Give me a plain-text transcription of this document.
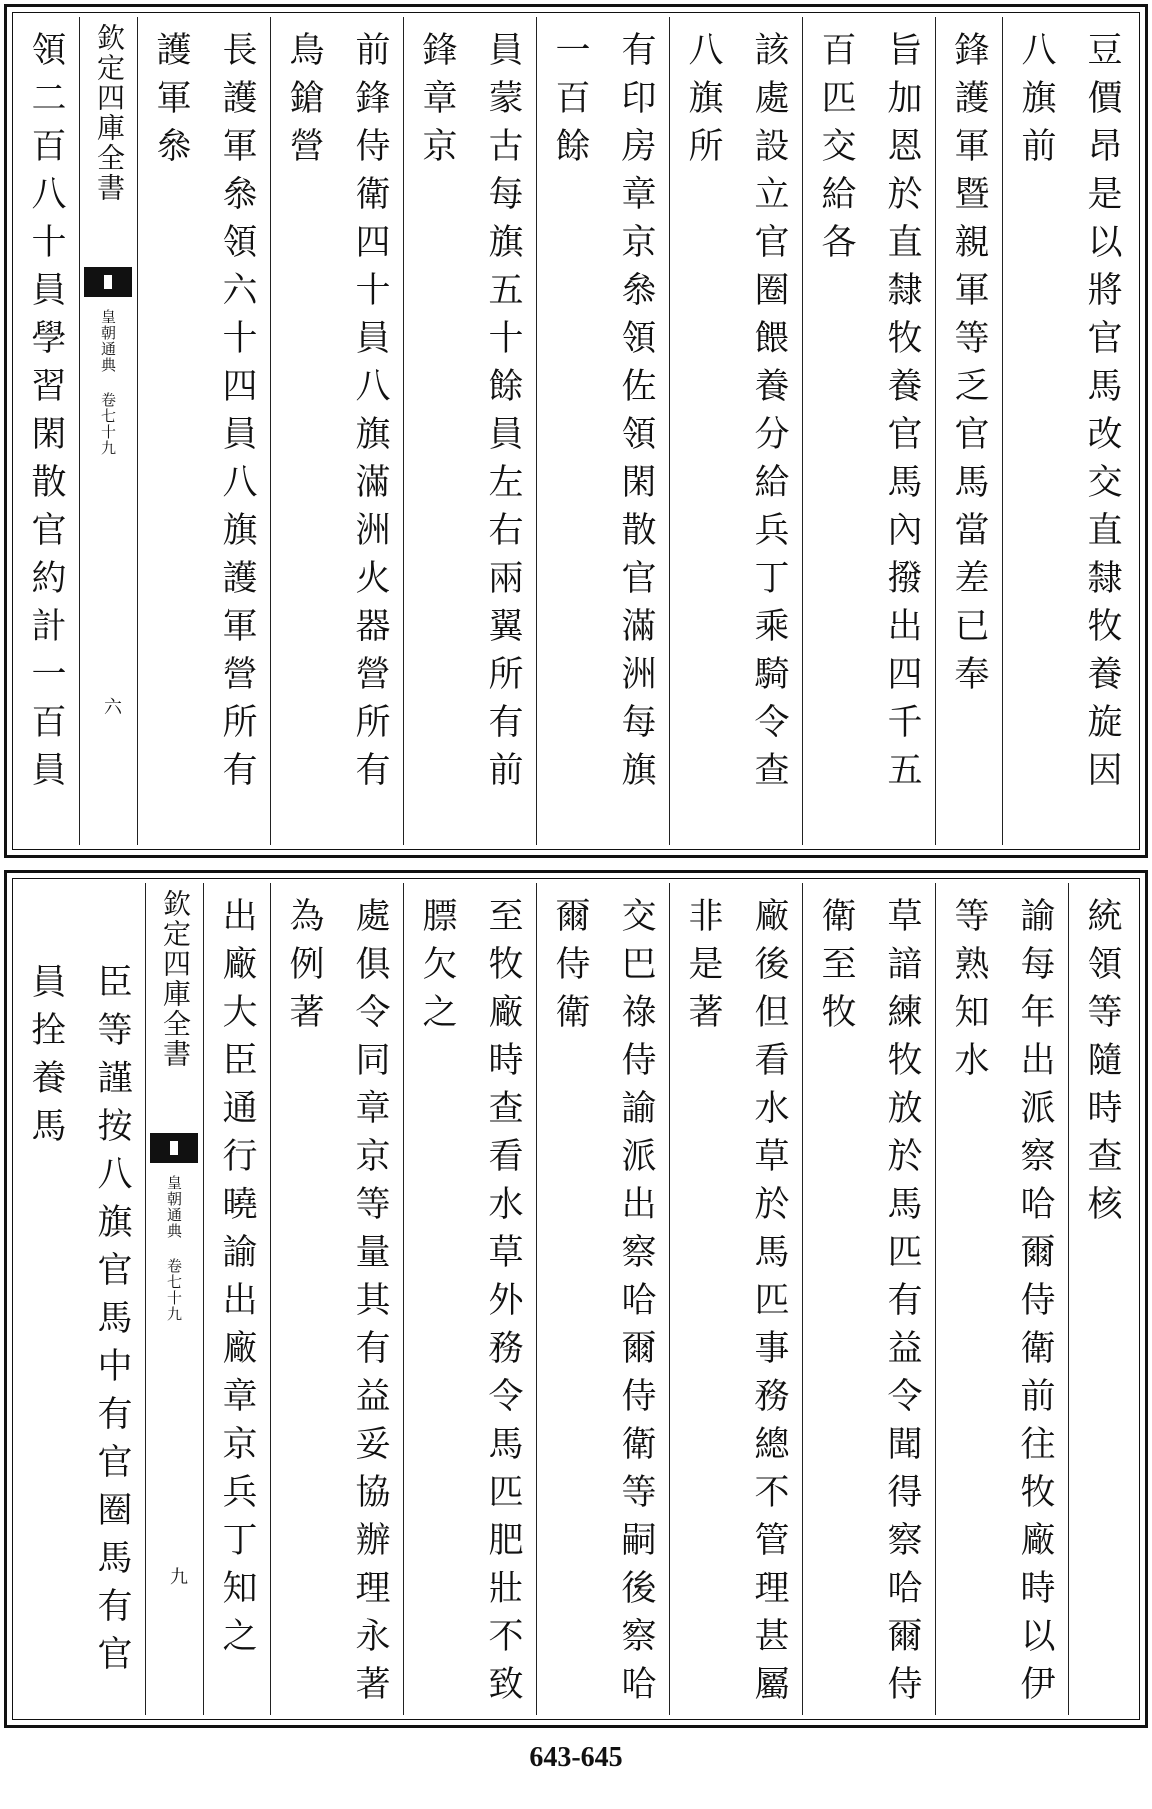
豆價昂是以將官馬改交直隸牧養旋因八旗前
鋒護軍暨親軍等乏官馬當差已奉
旨加恩於直隸牧養官馬內撥出四千五百匹交給各
該處設立官圈餵養分給兵丁乘騎令查八旗所
有印房章京叅領佐領閑散官滿洲每旗一百餘
員蒙古每旗五十餘員左右兩翼所有前鋒章京
前鋒侍衛四十員八旗滿洲火器營所有鳥鎗營
長護軍叅領六十四員八旗護軍營所有護軍叅
欽定四庫全書
皇朝通典 卷七十九
六
領二百八十員學習閑散官約計一百員
統領等隨時查核
諭每年出派察哈爾侍衛前往牧廠時以伊等熟知水
草諳練牧放於馬匹有益令聞得察哈爾侍衛至牧
廠後但看水草於馬匹事務總不管理甚屬非是著
交巴祿侍諭派出察哈爾侍衛等嗣後察哈爾侍衛
至牧廠時查看水草外務令馬匹肥壯不致膘欠之
處俱令同章京等量其有益妥協辦理永著為例著
出廠大臣通行曉諭出廠章京兵丁知之
欽定四庫全書
皇朝通典 卷七十九
九
臣等謹按八旗官馬中有官圈馬有官員拴養馬
643-645
